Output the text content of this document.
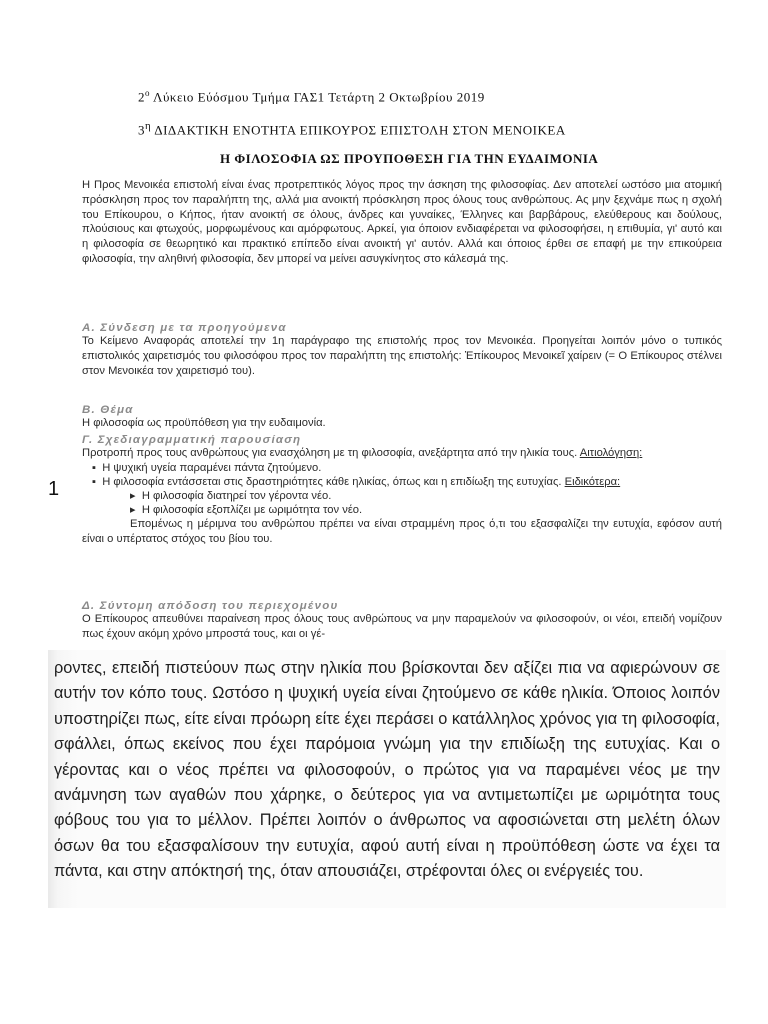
$2^o$ Λύκειο Εύόσμου Τμήμα ΓΑΣ1 Τετάρτη 2 Οκτωβρίου 2019
$3^\eta$ ΔΙΔΑΚΤΙΚΗ ΕΝΟΤΗΤΑ ΕΠΙΚΟΥΡΟΣ ΕΠΙΣΤΟΛΗ ΣΤΟΝ ΜΕΝΟΙΚΕΑ
Η ΦΙΛΟΣΟΦΙΑ ΩΣ ΠΡΟΥΠΟΘΕΣΗ ΓΙΑ ΤΗΝ ΕΥΔΑΙΜΟΝΙΑ

Η Προς Μενοικέα επιστολή είναι ένας προτρεπτικός λόγος προς την άσκηση της φιλοσοφίας. Δεν αποτελεί ωστόσο μια ατομική πρόσκληση προς τον παραλήπτη της, αλλά μια ανοικτή πρόσκληση προς όλους τους ανθρώπους. Ας μην ξεχνάμε πως η σχολή του Επίκουρου, ο Κήπος, ήταν ανοικτή σε όλους, άνδρες και γυναίκες, Έλληνες και βαρβάρους, ελεύθερους και δούλους, πλούσιους και φτωχούς, μορφωμένους και αμόρφωτους. Αρκεί, για όποιον ενδιαφέρεται να φιλοσοφήσει, η επιθυμία, γι' αυτό και η φιλοσοφία σε θεωρητικό και πρακτικό επίπεδο είναι ανοικτή γι' αυτόν. Αλλά και όποιος έρθει σε επαφή με την επικούρεια φιλοσοφία, την αληθινή φιλοσοφία, δεν μπορεί να μείνει ασυγκίνητος στο κάλεσμά της.

Α. Σύνδεση με τα προηγούμενα

Το Κείμενο Αναφοράς αποτελεί την 1η παράγραφο της επιστολής προς τον Μενοικέα. Προηγείται λοιπόν μόνο ο τυπικός επιστολικός χαιρετισμός του φιλοσόφου προς τον παραλήπτη της επιστολής: Ἐπίκουρος Μενοικεῖ χαίρειν (= Ο Επίκουρος στέλνει στον Μενοικέα τον χαιρετισμό του).

Β. Θέμα

Η φιλοσοφία ως προϋπόθεση για την ευδαιμονία.

Γ. Σχεδιαγραμματική παρουσίαση

Προτροπή προς τους ανθρώπους για ενασχόληση με τη φιλοσοφία, ανεξάρτητα από την ηλικία τους. Αιτιολόγηση:

▪  Η ψυχική υγεία παραμένει πάντα ζητούμενο.

▪  Η φιλοσοφία εντάσσεται στις δραστηριότητες κάθε ηλικίας, όπως και η επιδίωξη της ευτυχίας. Ειδικότερα:

▸  Η φιλοσοφία διατηρεί τον γέροντα νέο.

▸  Η φιλοσοφία εξοπλίζει με ωριμότητα τον νέο.

Επομένως η μέριμνα του ανθρώπου πρέπει να είναι στραμμένη προς ό,τι του εξασφαλίζει την ευτυχία, εφόσον αυτή είναι ο υπέρτατος στόχος του βίου του.

1

Δ. Σύντομη απόδοση του περιεχομένου

Ο Επίκουρος απευθύνει παραίνεση προς όλους τους ανθρώπους να μην παραμελούν να φιλοσοφούν, οι νέοι, επειδή νομίζουν πως έχουν ακόμη χρόνο μπροστά τους, και οι γέ-

ροντες, επειδή πιστεύουν πως στην ηλικία που βρίσκονται δεν αξίζει πια να αφιερώνουν σε αυτήν τον κόπο τους. Ωστόσο η ψυχική υγεία είναι ζητούμενο σε κάθε ηλικία. Όποιος λοιπόν υποστηρίζει πως, είτε είναι πρόωρη είτε έχει περάσει ο κατάλληλος χρόνος για τη φιλοσοφία, σφάλλει, όπως εκείνος που έχει παρόμοια γνώμη για την επιδίωξη της ευτυχίας. Και ο γέροντας και ο νέος πρέπει να φιλοσοφούν, ο πρώτος για να παραμένει νέος με την ανάμνηση των αγαθών που χάρηκε, ο δεύτερος για να αντιμετωπίζει με ωριμότητα τους φόβους του για το μέλλον. Πρέπει λοιπόν ο άνθρωπος να αφοσιώνεται στη μελέτη όλων όσων θα του εξασφαλίσουν την ευτυχία, αφού αυτή είναι η προϋπόθεση ώστε να έχει τα πάντα, και στην απόκτησή της, όταν απουσιάζει, στρέφονται όλες οι ενέργειές του.
